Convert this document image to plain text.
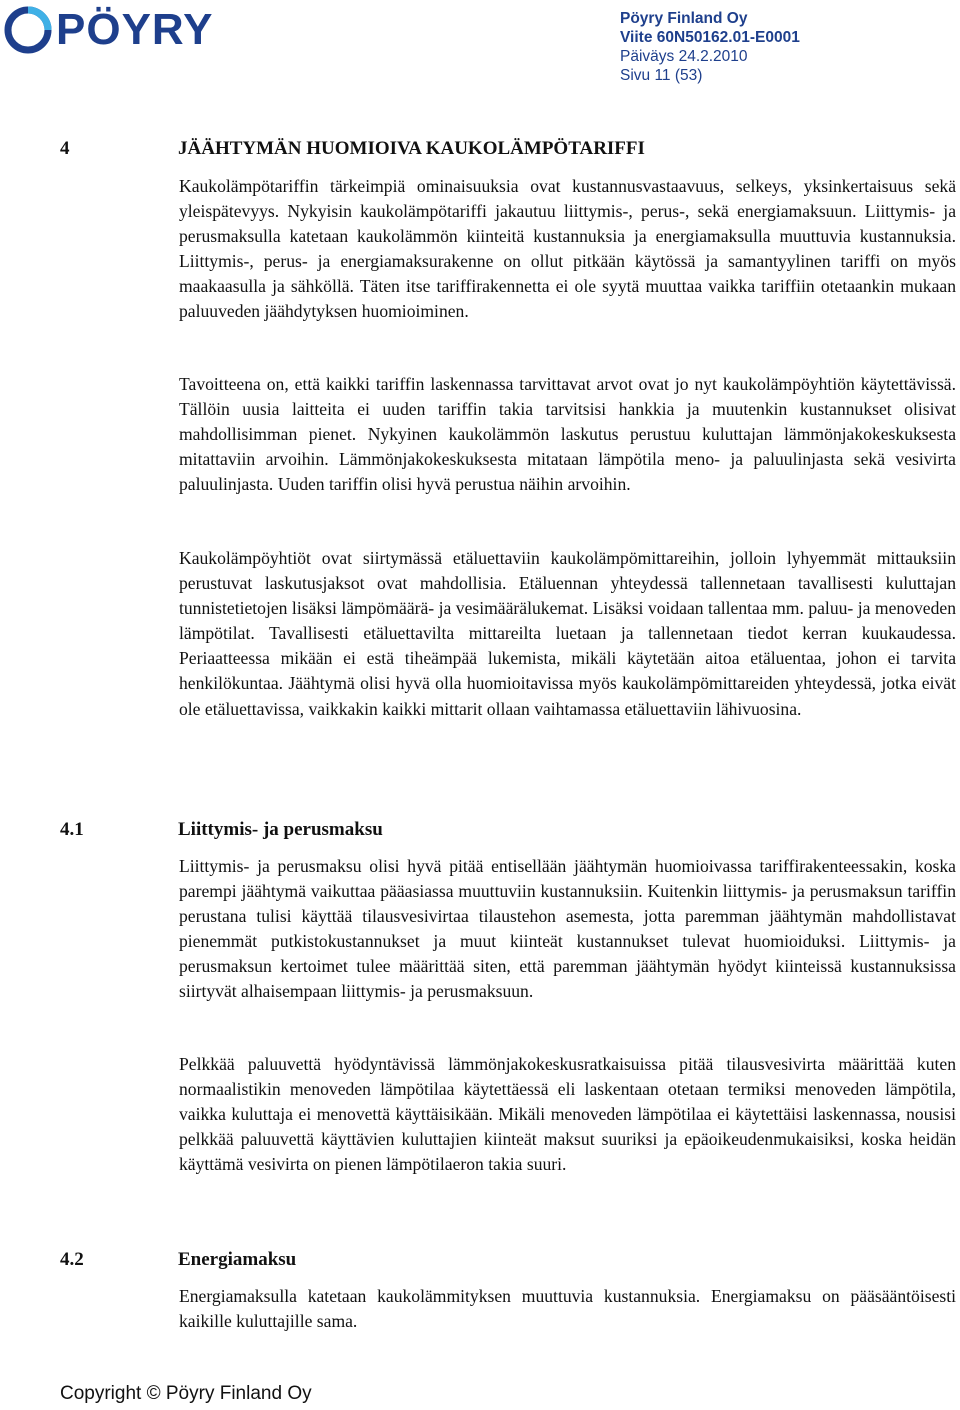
PÖYRY	Pöyry Finland Oy
Viite 60N50162.01-E0001
Päiväys 24.2.2010
Sivu 11 (53)
4	JÄÄHTYMÄN HUOMIOIVA KAUKOLÄMPÖTARIFFI

Kaukolämpötariffin tärkeimpiä ominaisuuksia ovat kustannusvastaavuus, selkeys, yksinkertaisuus sekä yleispätevyys. Nykyisin kaukolämpötariffi jakautuu liittymis-, perus-, sekä energiamaksuun. Liittymis- ja perusmaksulla katetaan kaukolämmön kiinteitä kustannuksia ja energiamaksulla muuttuvia kustannuksia. Liittymis-, perus- ja energiamaksurakenne on ollut pitkään käytössä ja samantyylinen tariffi on myös maakaasulla ja sähköllä. Täten itse tariffirakennetta ei ole syytä muuttaa vaikka tariffiin otetaankin mukaan paluuveden jäähdytyksen huomioiminen.

Tavoitteena on, että kaikki tariffin laskennassa tarvittavat arvot ovat jo nyt kaukolämpöyhtiön käytettävissä. Tällöin uusia laitteita ei uuden tariffin takia tarvitsisi hankkia ja muutenkin kustannukset olisivat mahdollisimman pienet. Nykyinen kaukolämmön laskutus perustuu kuluttajan lämmönjakokeskuksesta mitattaviin arvoihin. Lämmönjakokeskuksesta mitataan lämpötila meno- ja paluulinjasta sekä vesivirta paluulinjasta. Uuden tariffin olisi hyvä perustua näihin arvoihin.

Kaukolämpöyhtiöt ovat siirtymässä etäluettaviin kaukolämpömittareihin, jolloin lyhyemmät mittauksiin perustuvat laskutusjaksot ovat mahdollisia. Etäluennan yhteydessä tallennetaan tavallisesti kuluttajan tunnistetietojen lisäksi lämpömäärä- ja vesimäärälukemat. Lisäksi voidaan tallentaa mm. paluu- ja menoveden lämpötilat. Tavallisesti etäluettavilta mittareilta luetaan ja tallennetaan tiedot kerran kuukaudessa. Periaatteessa mikään ei estä tiheämpää lukemista, mikäli käytetään aitoa etäluentaa, johon ei tarvita henkilökuntaa. Jäähtymä olisi hyvä olla huomioitavissa myös kaukolämpömittareiden yhteydessä, jotka eivät ole etäluettavissa, vaikkakin kaikki mittarit ollaan vaihtamassa etäluettaviin lähivuosina.

4.1	Liittymis- ja perusmaksu

Liittymis- ja perusmaksu olisi hyvä pitää entisellään jäähtymän huomioivassa tariffirakenteessakin, koska parempi jäähtymä vaikuttaa pääasiassa muuttuviin kustannuksiin. Kuitenkin liittymis- ja perusmaksun tariffin perustana tulisi käyttää tilausvesivirtaa tilaustehon asemesta, jotta paremman jäähtymän mahdollistavat pienemmät putkistokustannukset ja muut kiinteät kustannukset tulevat huomioiduksi. Liittymis- ja perusmaksun kertoimet tulee määrittää siten, että paremman jäähtymän hyödyt kiinteissä kustannuksissa siirtyvät alhaisempaan liittymis- ja perusmaksuun.

Pelkkää paluuvettä hyödyntävissä lämmönjakokeskusratkaisuissa pitää tilausvesivirta määrittää kuten normaalistikin menoveden lämpötilaa käytettäessä eli laskentaan otetaan termiksi menoveden lämpötila, vaikka kuluttaja ei menovettä käyttäisikään. Mikäli menoveden lämpötilaa ei käytettäisi laskennassa, nousisi pelkkää paluuvettä käyttävien kuluttajien kiinteät maksut suuriksi ja epäoikeudenmukaisiksi, koska heidän käyttämä vesivirta on pienen lämpötilaeron takia suuri.

4.2	Energiamaksu

Energiamaksulla katetaan kaukolämmityksen muuttuvia kustannuksia. Energiamaksu on pääsääntöisesti kaikille kuluttajille sama.

Copyright © Pöyry Finland Oy
